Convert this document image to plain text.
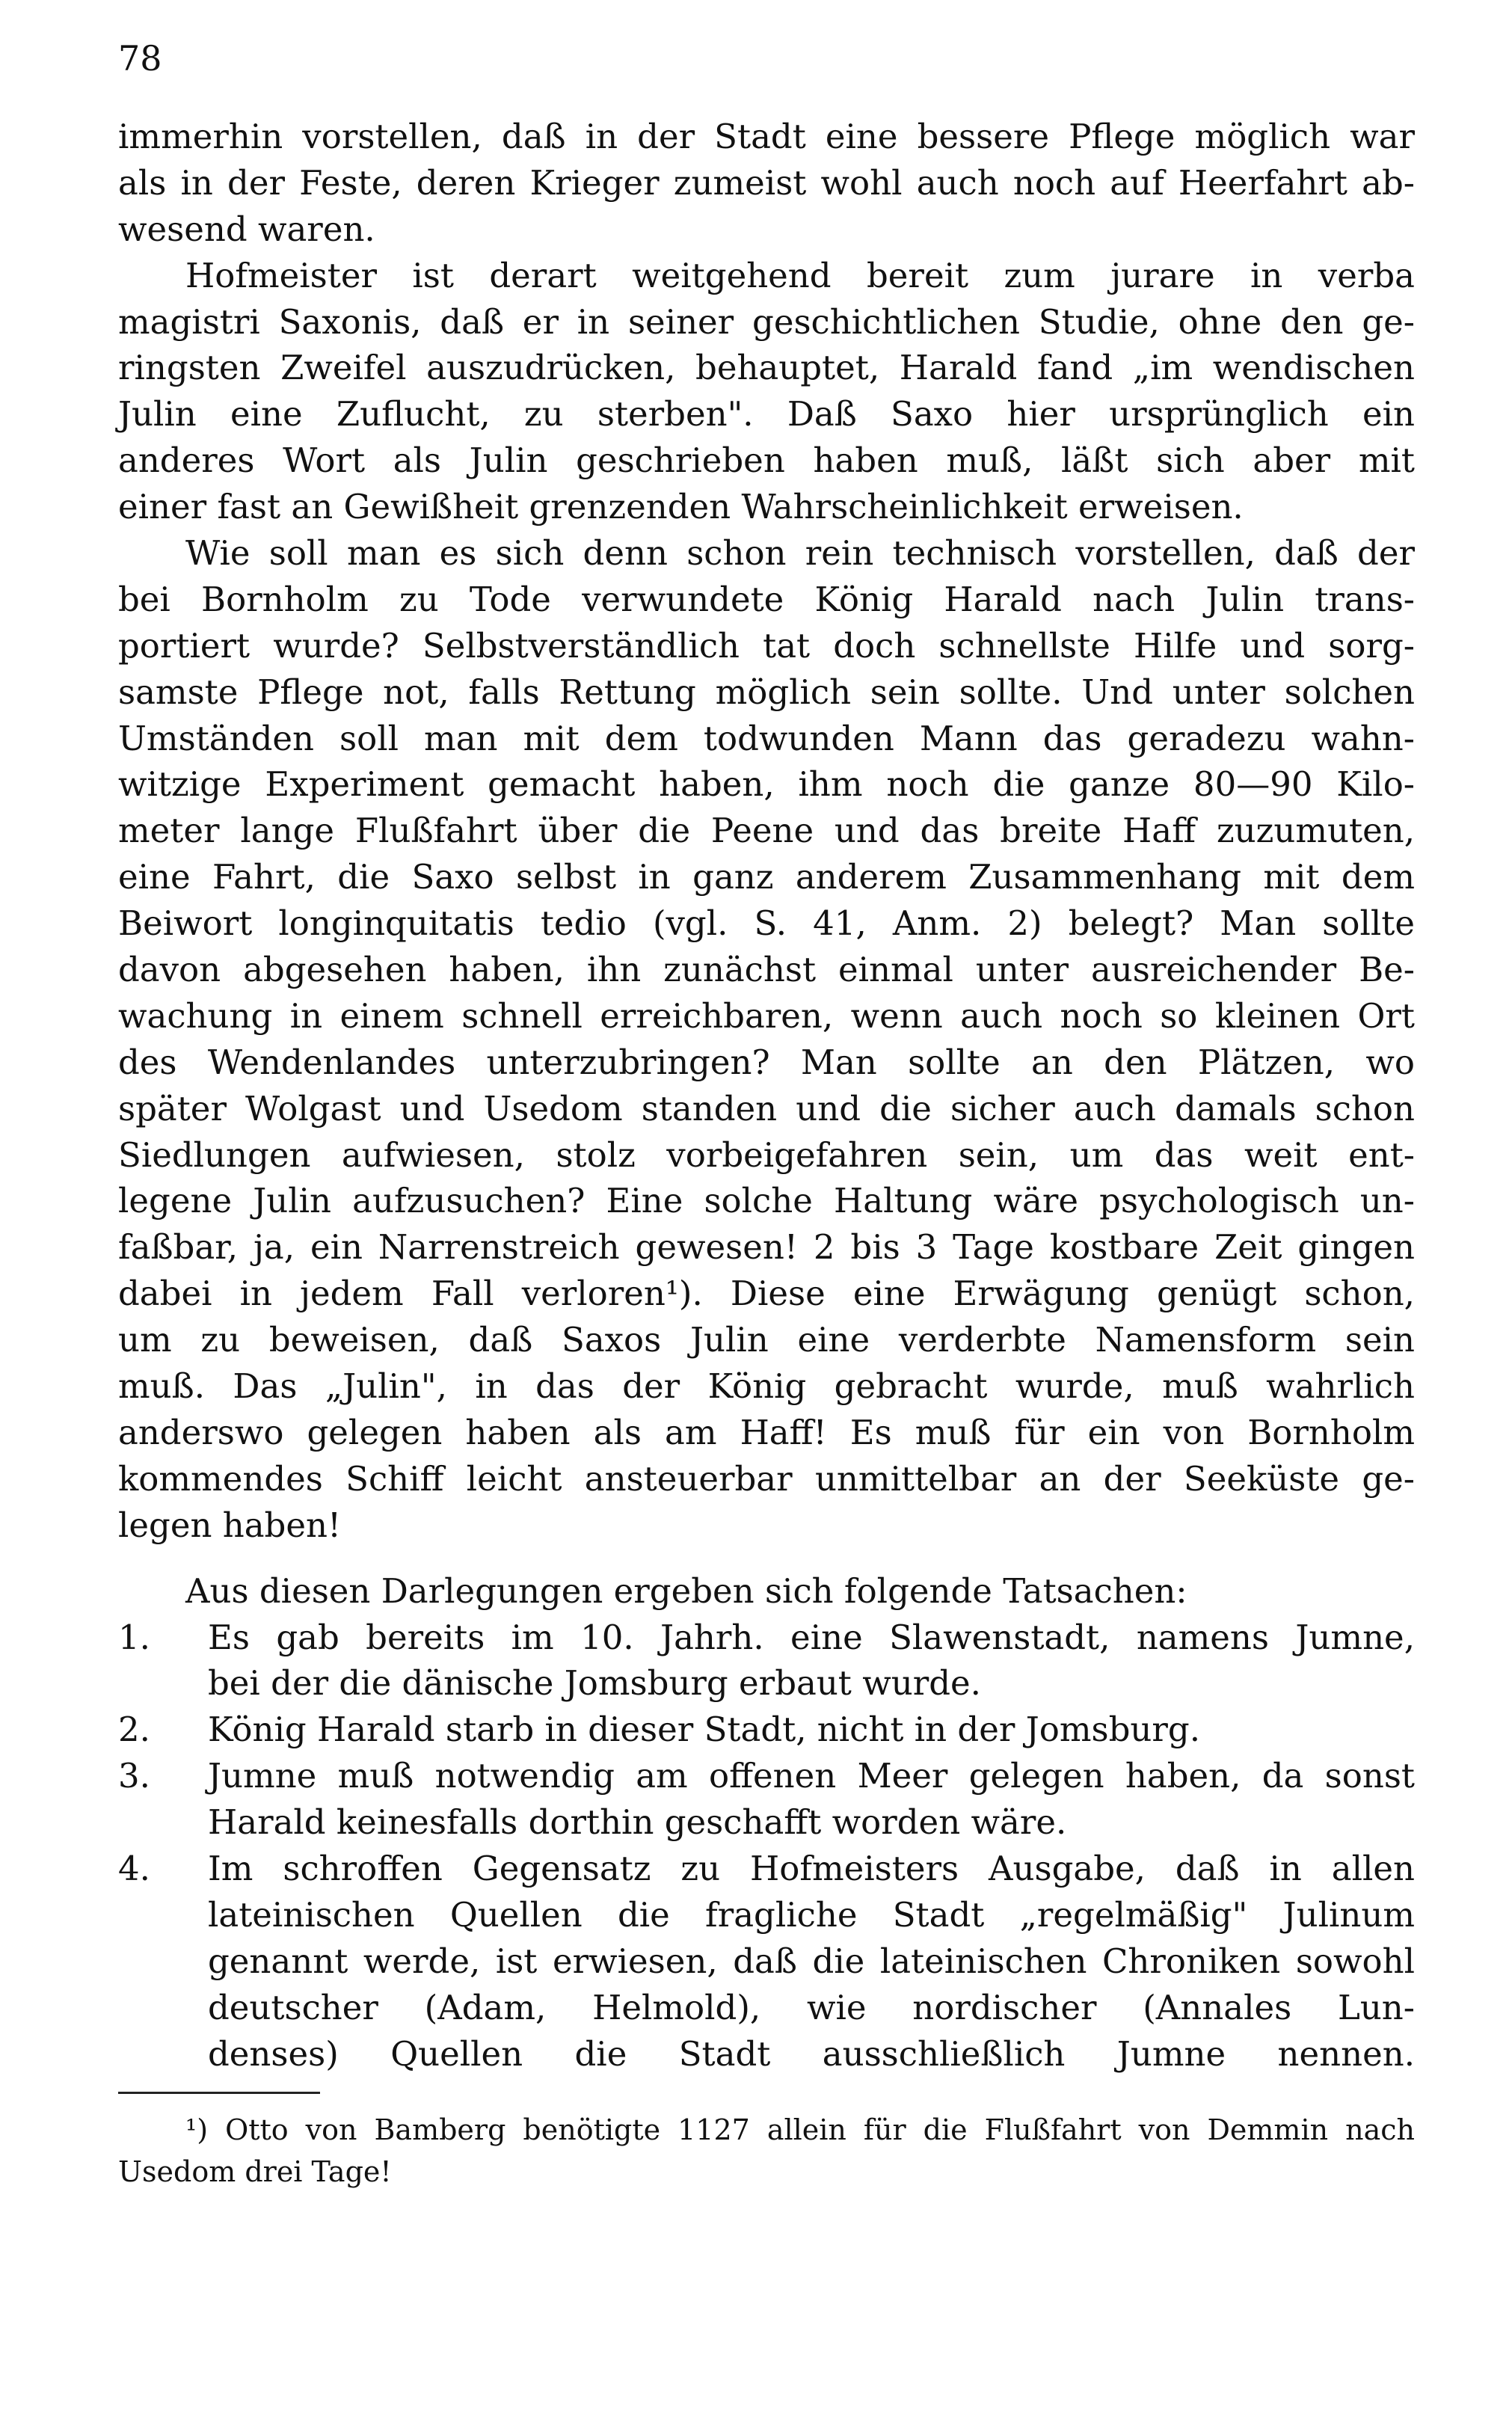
78
immerhin vorstellen, daß in der Stadt eine bessere Pflege möglich war
als in der Feste, deren Krieger zumeist wohl auch noch auf Heerfahrt ab-
wesend waren.
Hofmeister ist derart weitgehend bereit zum jurare in verba
magistri Saxonis, daß er in seiner geschichtlichen Studie, ohne den ge-
ringsten Zweifel auszudrücken, behauptet, Harald fand „im wendischen
Julin eine Zuflucht, zu sterben". Daß Saxo hier ursprünglich ein
anderes Wort als Julin geschrieben haben muß, läßt sich aber mit
einer fast an Gewißheit grenzenden Wahrscheinlichkeit erweisen.
Wie soll man es sich denn schon rein technisch vorstellen, daß der
bei Bornholm zu Tode verwundete König Harald nach Julin trans-
portiert wurde? Selbstverständlich tat doch schnellste Hilfe und sorg-
samste Pflege not, falls Rettung möglich sein sollte. Und unter solchen
Umständen soll man mit dem todwunden Mann das geradezu wahn-
witzige Experiment gemacht haben, ihm noch die ganze 80—90 Kilo-
meter lange Flußfahrt über die Peene und das breite Haff zuzumuten,
eine Fahrt, die Saxo selbst in ganz anderem Zusammenhang mit dem
Beiwort longinquitatis tedio (vgl. S. 41, Anm. 2) belegt? Man sollte
davon abgesehen haben, ihn zunächst einmal unter ausreichender Be-
wachung in einem schnell erreichbaren, wenn auch noch so kleinen Ort
des Wendenlandes unterzubringen? Man sollte an den Plätzen, wo
später Wolgast und Usedom standen und die sicher auch damals schon
Siedlungen aufwiesen, stolz vorbeigefahren sein, um das weit ent-
legene Julin aufzusuchen? Eine solche Haltung wäre psychologisch un-
faßbar, ja, ein Narrenstreich gewesen! 2 bis 3 Tage kostbare Zeit gingen
dabei in jedem Fall verloren¹). Diese eine Erwägung genügt schon,
um zu beweisen, daß Saxos Julin eine verderbte Namensform sein
muß. Das „Julin", in das der König gebracht wurde, muß wahrlich
anderswo gelegen haben als am Haff! Es muß für ein von Bornholm
kommendes Schiff leicht ansteuerbar unmittelbar an der Seeküste ge-
legen haben!
Aus diesen Darlegungen ergeben sich folgende Tatsachen:
1.	Es gab bereits im 10. Jahrh. eine Slawenstadt, namens Jumne,
bei der die dänische Jomsburg erbaut wurde.
2.	König Harald starb in dieser Stadt, nicht in der Jomsburg.
3.	Jumne muß notwendig am offenen Meer gelegen haben, da sonst
Harald keinesfalls dorthin geschafft worden wäre.
4.	Im schroffen Gegensatz zu Hofmeisters Ausgabe, daß in allen
lateinischen Quellen die fragliche Stadt „regelmäßig" Julinum
genannt werde, ist erwiesen, daß die lateinischen Chroniken sowohl
deutscher (Adam, Helmold), wie nordischer (Annales Lun-
denses) Quellen die Stadt ausschließlich Jumne nennen.
¹) Otto von Bamberg benötigte 1127 allein für die Flußfahrt von Demmin nach
Usedom drei Tage!
